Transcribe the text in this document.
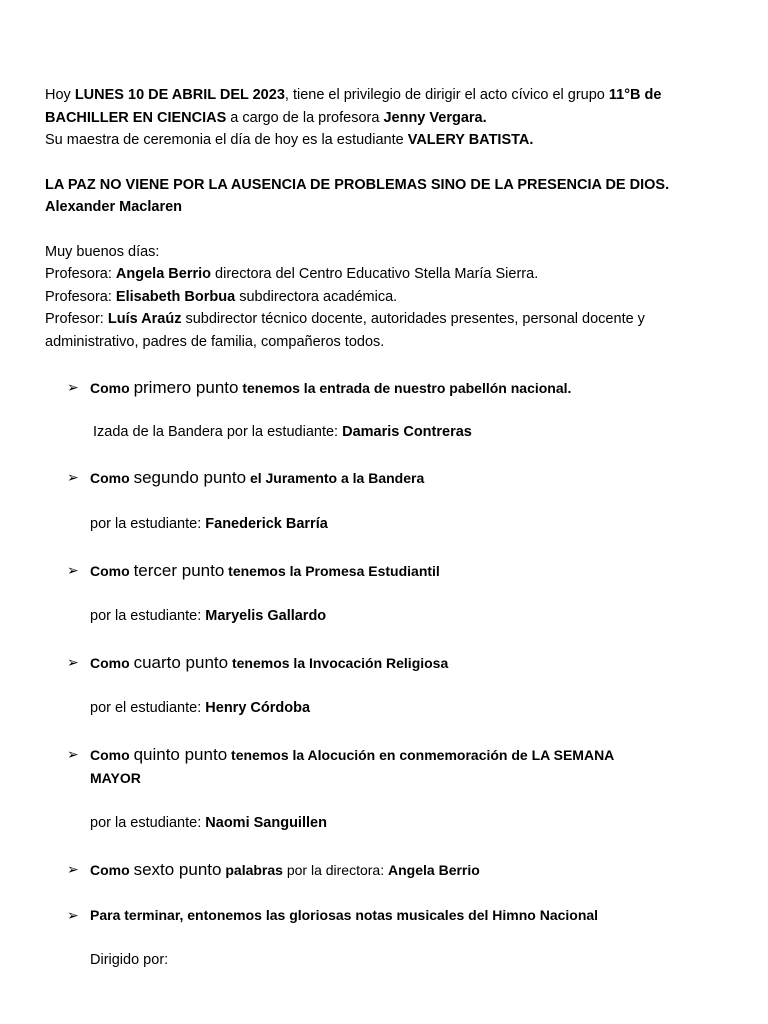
Hoy LUNES 10 DE ABRIL DEL 2023, tiene el privilegio de dirigir el acto cívico el grupo 11°B de

BACHILLER EN CIENCIAS a cargo de la profesora Jenny Vergara.

Su maestra de ceremonia el día de hoy es la estudiante VALERY BATISTA.

LA PAZ NO VIENE POR LA AUSENCIA DE PROBLEMAS SINO DE LA PRESENCIA DE DIOS.

Alexander Maclaren

Muy buenos días:

Profesora: Angela Berrio directora del Centro Educativo Stella María Sierra.

Profesora: Elisabeth Borbua subdirectora académica.

Profesor: Luís Araúz subdirector técnico docente, autoridades presentes, personal docente y

administrativo, padres de familia, compañeros todos.

➢ Como primero punto tenemos la entrada de nuestro pabellón nacional.

Izada de la Bandera por la estudiante: Damaris Contreras

➢ Como segundo punto el Juramento a la Bandera

por la estudiante: Fanederick Barría

➢ Como tercer punto tenemos la Promesa Estudiantil

por la estudiante: Maryelis Gallardo

➢ Como cuarto punto tenemos la Invocación Religiosa

por el estudiante: Henry Córdoba

➢ Como quinto punto tenemos la Alocución en conmemoración de LA SEMANA
MAYOR

por la estudiante: Naomi Sanguillen

➢ Como sexto punto palabras por la directora: Angela Berrio
➢ Para terminar, entonemos las gloriosas notas musicales del Himno Nacional

Dirigido por:
